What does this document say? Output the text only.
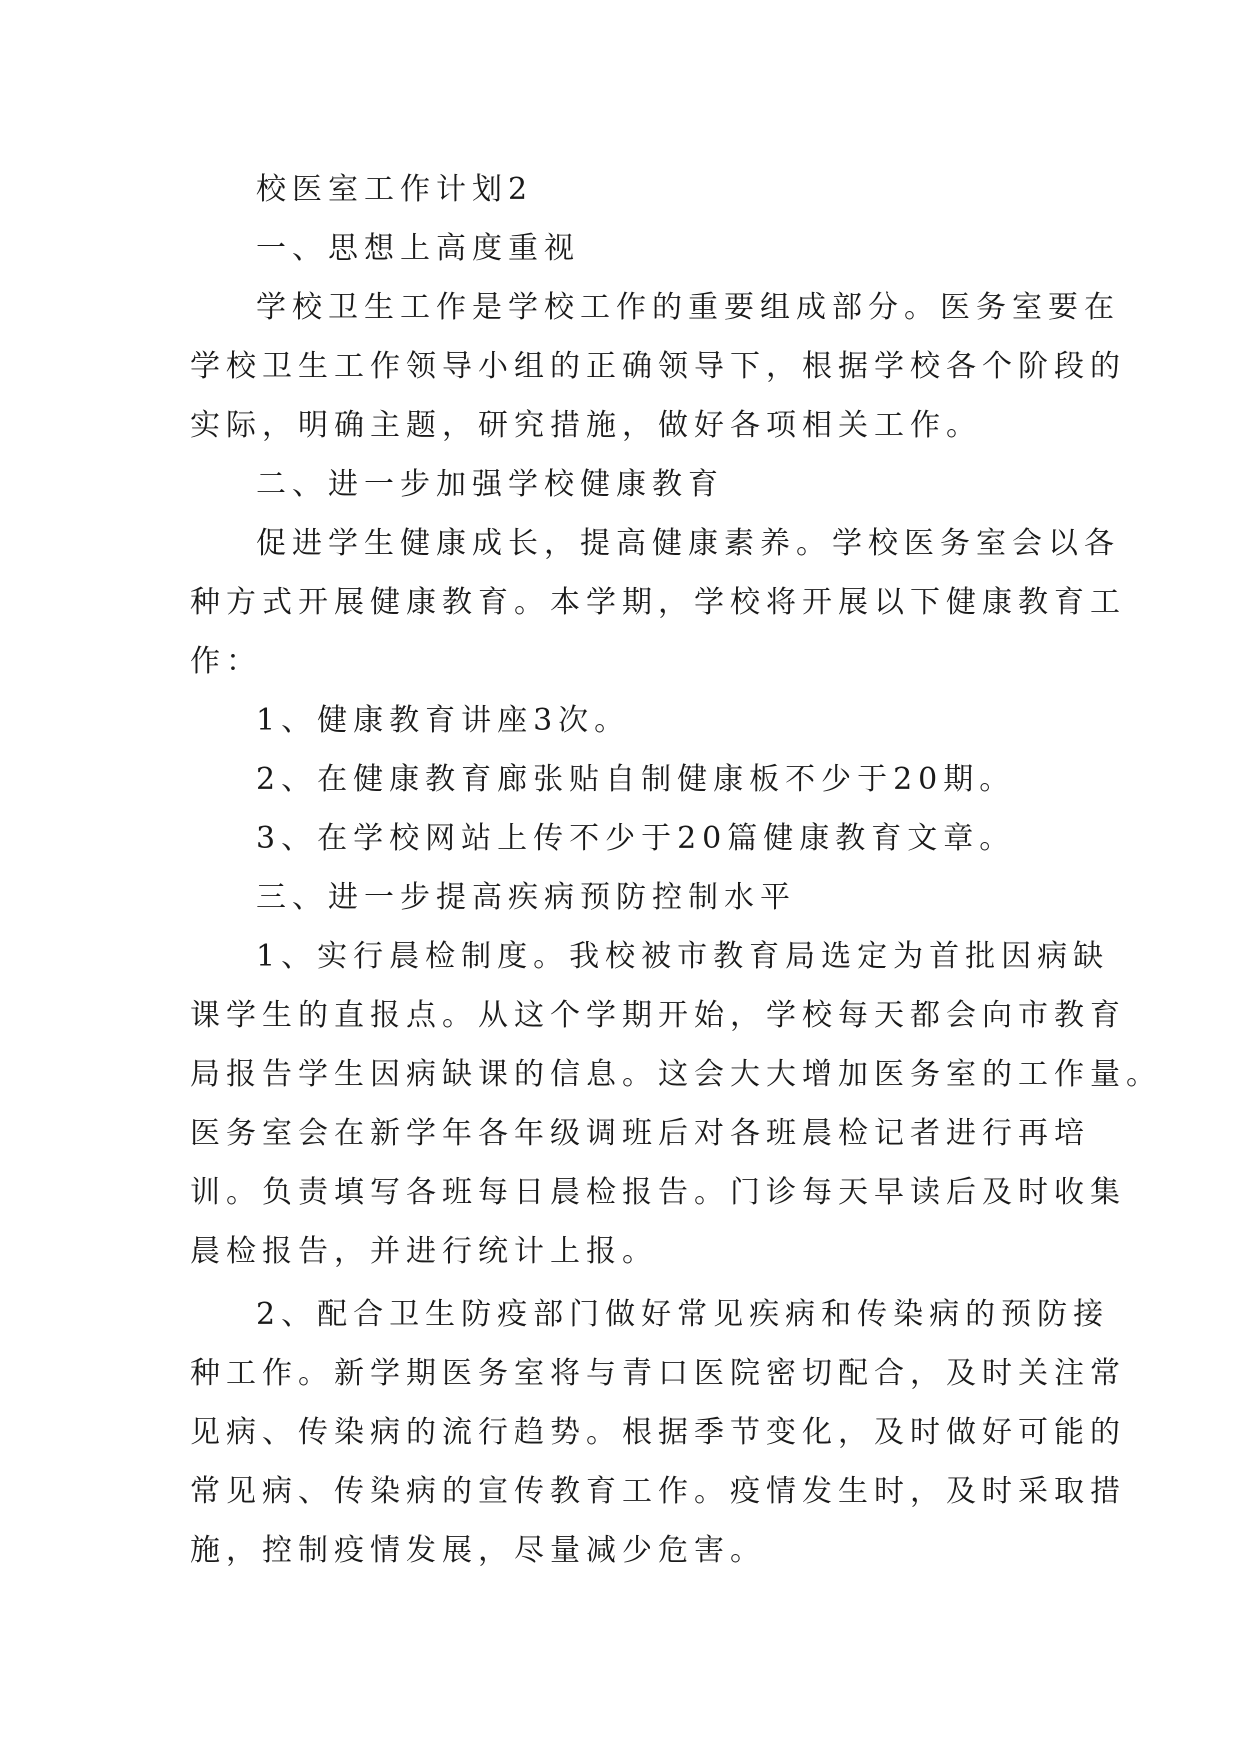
校医室工作计划2

一、思想上高度重视

学校卫生工作是学校工作的重要组成部分。医务室要在

学校卫生工作领导小组的正确领导下，根据学校各个阶段的

实际，明确主题，研究措施，做好各项相关工作。

二、进一步加强学校健康教育

促进学生健康成长，提高健康素养。学校医务室会以各

种方式开展健康教育。本学期，学校将开展以下健康教育工

作：

1、健康教育讲座3次。

2、在健康教育廊张贴自制健康板不少于20期。

3、在学校网站上传不少于20篇健康教育文章。

三、进一步提高疾病预防控制水平

1、实行晨检制度。我校被市教育局选定为首批因病缺

课学生的直报点。从这个学期开始，学校每天都会向市教育

局报告学生因病缺课的信息。这会大大增加医务室的工作量。

医务室会在新学年各年级调班后对各班晨检记者进行再培

训。负责填写各班每日晨检报告。门诊每天早读后及时收集

晨检报告，并进行统计上报。

2、配合卫生防疫部门做好常见疾病和传染病的预防接

种工作。新学期医务室将与青口医院密切配合，及时关注常

见病、传染病的流行趋势。根据季节变化，及时做好可能的

常见病、传染病的宣传教育工作。疫情发生时，及时采取措

施，控制疫情发展，尽量减少危害。
